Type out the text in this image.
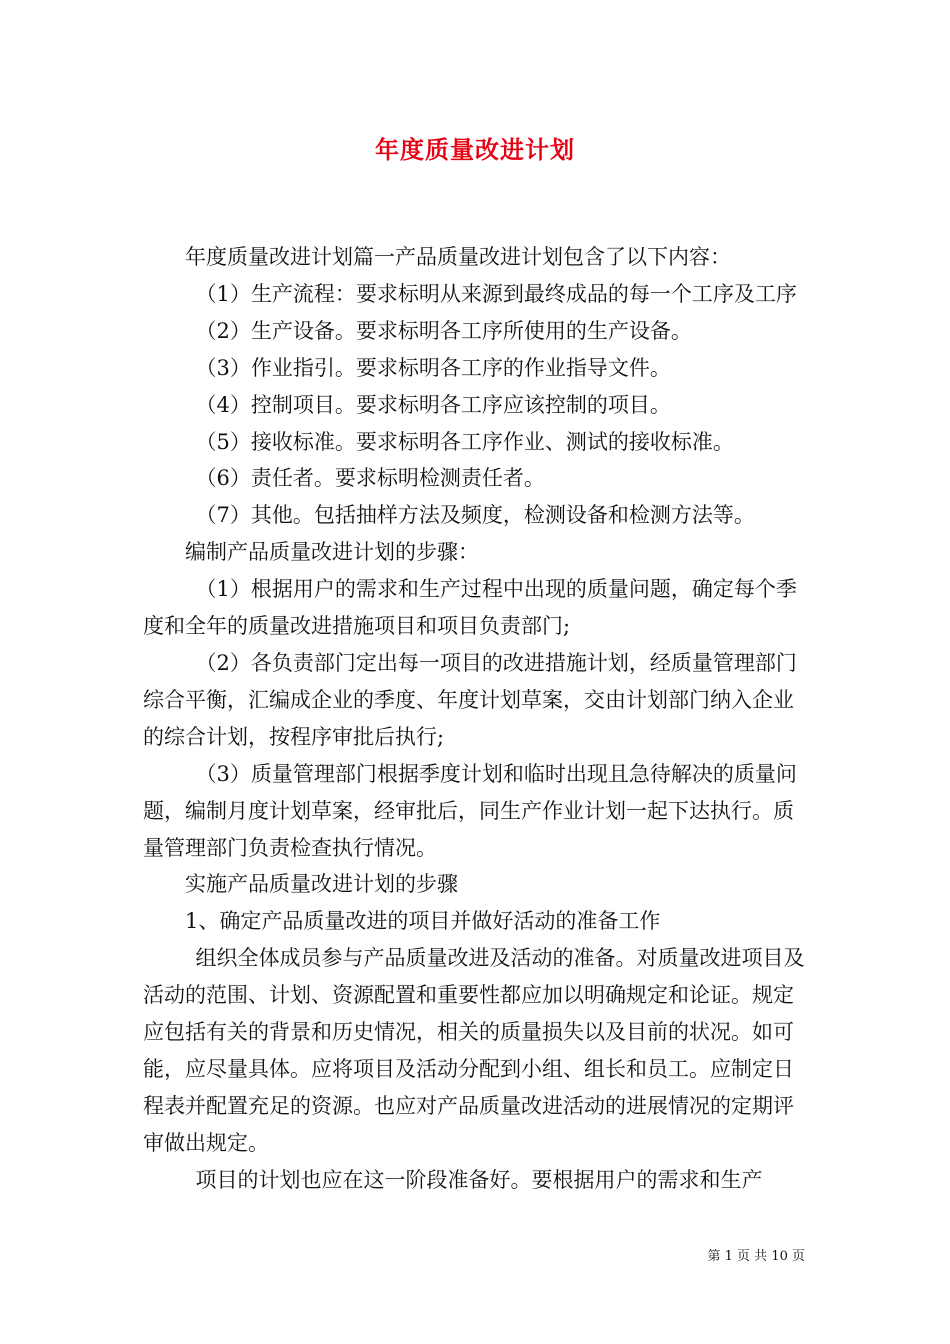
年度质量改进计划

年度质量改进计划篇一产品质量改进计划包含了以下内容：

（1）生产流程：要求标明从来源到最终成品的每一个工序及工序

（2）生产设备。要求标明各工序所使用的生产设备。

（3）作业指引。要求标明各工序的作业指导文件。

（4）控制项目。要求标明各工序应该控制的项目。

（5）接收标准。要求标明各工序作业、测试的接收标准。

（6）责任者。要求标明检测责任者。

（7）其他。包括抽样方法及频度，检测设备和检测方法等。

编制产品质量改进计划的步骤：

（1）根据用户的需求和生产过程中出现的质量问题，确定每个季度和全年的质量改进措施项目和项目负责部门;

（2）各负责部门定出每一项目的改进措施计划，经质量管理部门综合平衡，汇编成企业的季度、年度计划草案，交由计划部门纳入企业的综合计划，按程序审批后执行;

（3）质量管理部门根据季度计划和临时出现且急待解决的质量问题，编制月度计划草案，经审批后，同生产作业计划一起下达执行。质量管理部门负责检查执行情况。

实施产品质量改进计划的步骤

1、确定产品质量改进的项目并做好活动的准备工作

组织全体成员参与产品质量改进及活动的准备。对质量改进项目及活动的范围、计划、资源配置和重要性都应加以明确规定和论证。规定应包括有关的背景和历史情况，相关的质量损失以及目前的状况。如可能，应尽量具体。应将项目及活动分配到小组、组长和员工。应制定日程表并配置充足的资源。也应对产品质量改进活动的进展情况的定期评审做出规定。

项目的计划也应在这一阶段准备好。要根据用户的需求和生产

第 1 页 共 10 页
